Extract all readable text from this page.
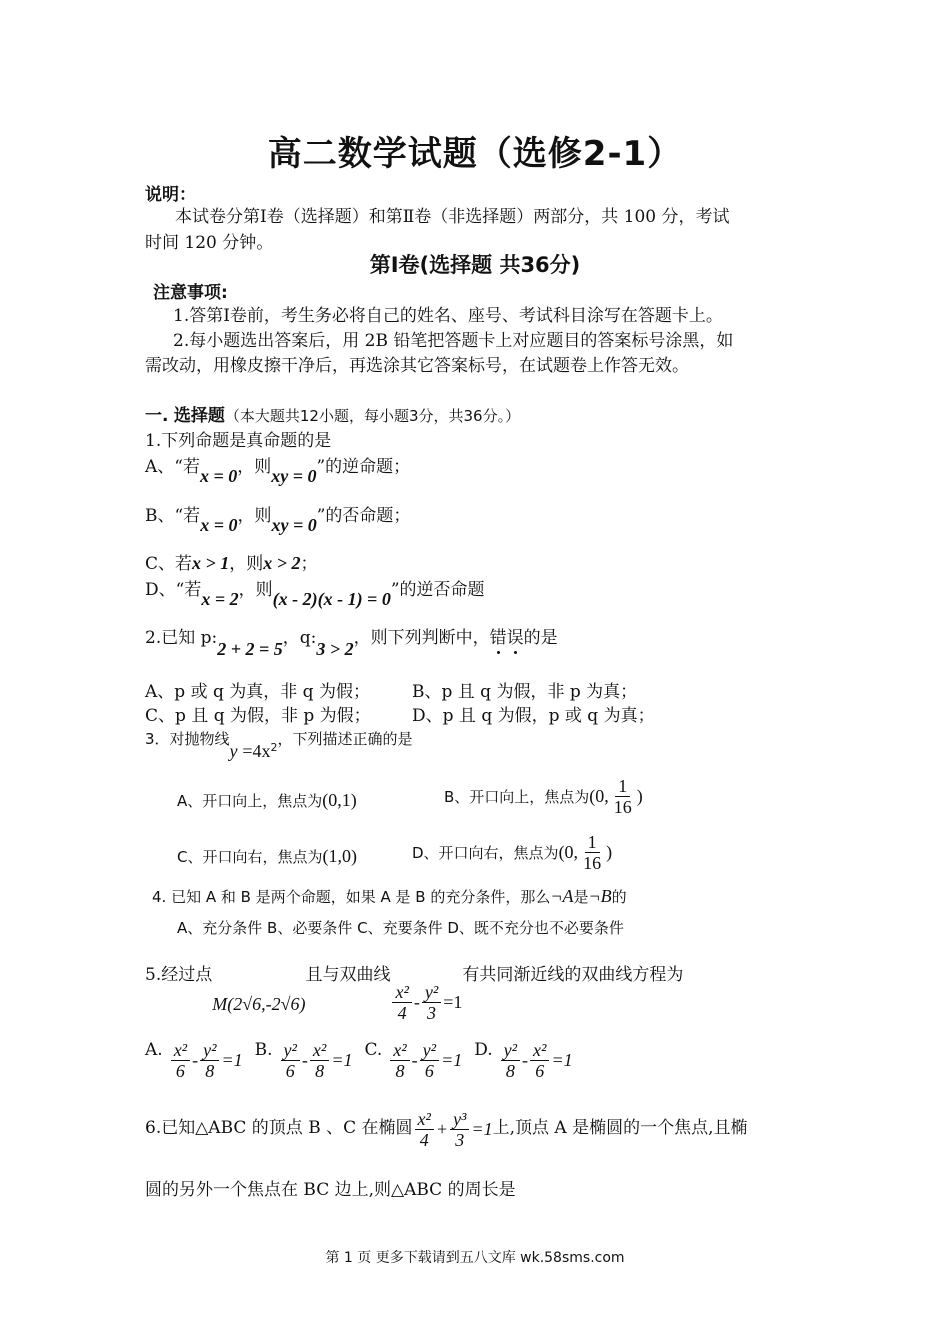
高二数学试题（选修2-1）
说明：
本试卷分第Ⅰ卷（选择题）和第Ⅱ卷（非选择题）两部分，共 100 分，考试
时间 120 分钟。
第Ⅰ卷(选择题 共36分)
注意事项:
1.答第Ⅰ卷前，考生务必将自己的姓名、座号、考试科目涂写在答题卡上。
2.每小题选出答案后，用 2B 铅笔把答题卡上对应题目的答案标号涂黑，如
需改动，用橡皮擦干净后，再选涂其它答案标号，在试题卷上作答无效。
一. 选择题（本大题共12小题，每小题3分，共36分。）
1.下列命题是真命题的是
A、“若x = 0，则xy = 0”的逆命题；
B、“若x = 0，则xy = 0”的否命题；
C、若x > 1，则x > 2；
D、“若x = 2，则(x - 2)(x - 1) = 0”的逆否命题
2.已知 p:2 + 2 = 5，q:3 > 2，则下列判断中，错误的是
A、p 或 q 为真，非 q 为假； B、p 且 q 为假，非 p 为真；
C、p 且 q 为假，非 p 为假； D、p 且 q 为假，p 或 q 为真；
3．对抛物线$y =4x^2$，下列描述正确的是
A、开口向上，焦点为(0,1)	B、开口向上，焦点为 (0, $\frac{1}{16}$ )
C、开口向右，焦点为(1,0)	D、开口向右，焦点为 (0, $\frac{1}{16}$ )
4. 已知 A 和 B 是两个命题，如果 A 是 B 的充分条件，那么¬A是¬B的
A、充分条件 B、必要条件 C、充要条件 D、既不充分也不必要条件
5.经过点
M(2√6,-2√6)
且与双曲线
$\frac{\text{x²}}{4} - \frac{\text{y²}}{3} =1$
有共同渐近线的双曲线方程为
A. $\frac{\text{x²}}{6} - \frac{\text{y²}}{8} =1$ B. $\frac{\text{y²}}{6} - \frac{\text{x²}}{8} =1$ C. $\frac{\text{x²}}{8} - \frac{\text{y²}}{6} =1$ D. $\frac{\text{y²}}{8} - \frac{\text{x²}}{6} =1$
6.已知△ABC 的顶点 B 、C 在椭圆 $\frac{\text{x²}}{4} + \frac{\text{y³}}{3} =1$ 上,顶点 A 是椭圆的一个焦点,且椭
圆的另外一个焦点在 BC 边上,则△ABC 的周长是
第 1 页 更多下载请到五八文库 wk.58sms.com
